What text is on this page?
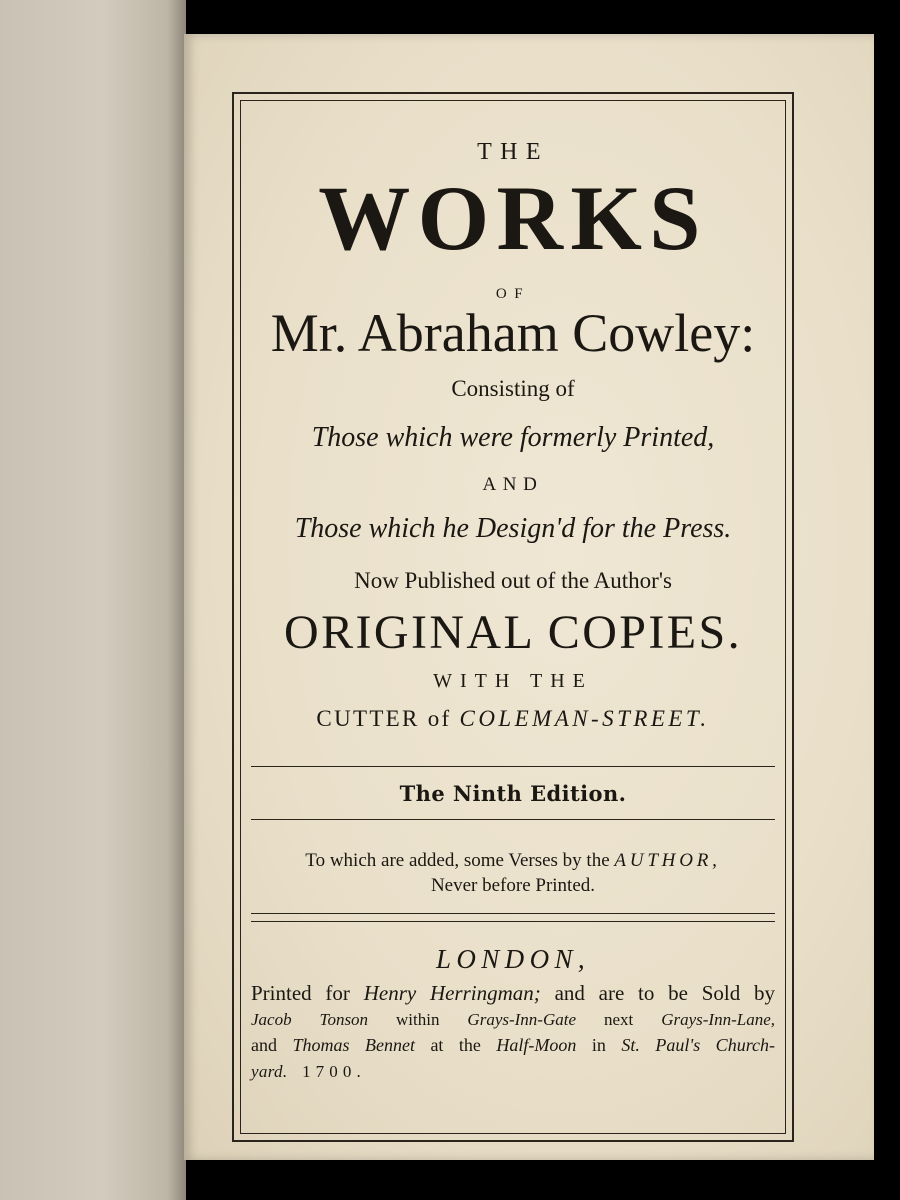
THE
WORKS
OF
Mr. Abraham Cowley:
Consisting of
Those which were formerly Printed,
AND
Those which he Design'd for the Press.
Now Published out of the Author's
ORIGINAL COPIES.
WITH THE
CUTTER of COLEMAN-STREET.
The Ninth Edition.
To which are added, some Verses by the AUTHOR,
Never before Printed.
LONDON,
Printed for Henry Herringman; and are to be Sold by
Jacob Tonson within Grays-Inn-Gate next Grays-Inn-Lane,
and Thomas Bennet at the Half-Moon in St. Paul's Church-
yard. 1700.
